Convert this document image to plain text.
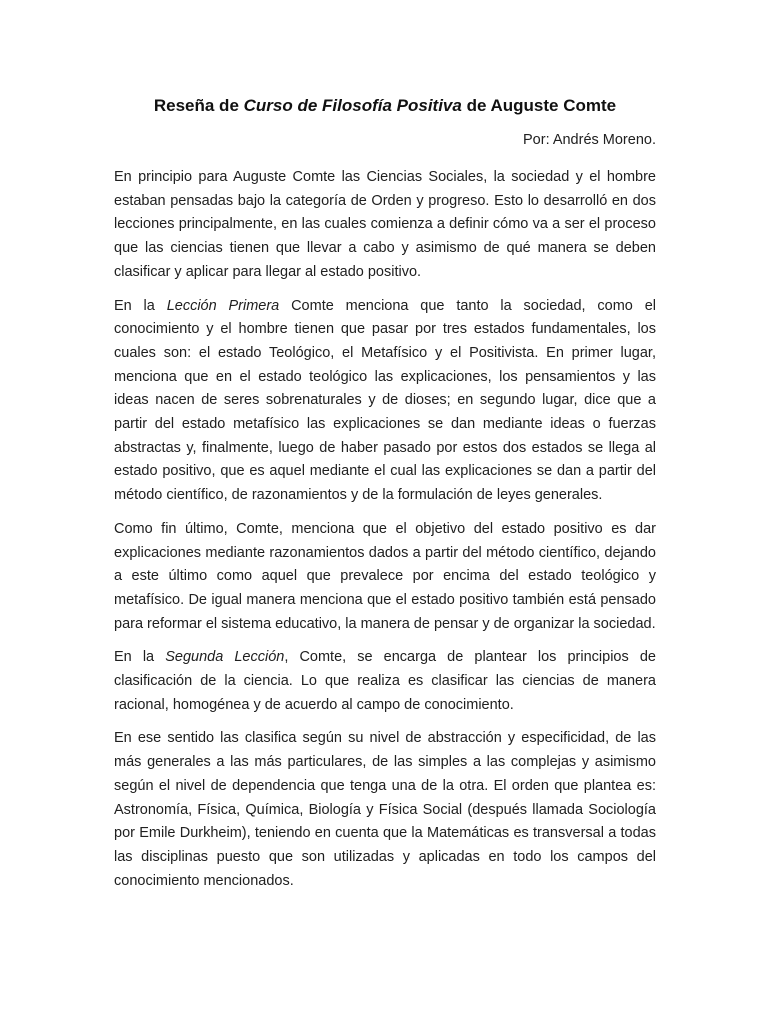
Reseña de Curso de Filosofía Positiva de Auguste Comte

Por: Andrés Moreno.

En principio para Auguste Comte las Ciencias Sociales, la sociedad y el hombre estaban pensadas bajo la categoría de Orden y progreso. Esto lo desarrolló en dos lecciones principalmente, en las cuales comienza a definir cómo va a ser el proceso que las ciencias tienen que llevar a cabo y asimismo de qué manera se deben clasificar y aplicar para llegar al estado positivo.

En la Lección Primera Comte menciona que tanto la sociedad, como el conocimiento y el hombre tienen que pasar por tres estados fundamentales, los cuales son: el estado Teológico, el Metafísico y el Positivista. En primer lugar, menciona que en el estado teológico las explicaciones, los pensamientos y las ideas nacen de seres sobrenaturales y de dioses; en segundo lugar, dice que a partir del estado metafísico las explicaciones se dan mediante ideas o fuerzas abstractas y, finalmente, luego de haber pasado por estos dos estados se llega al estado positivo, que es aquel mediante el cual las explicaciones se dan a partir del método científico, de razonamientos y de la formulación de leyes generales.

Como fin último, Comte, menciona que el objetivo del estado positivo es dar explicaciones mediante razonamientos dados a partir del método científico, dejando a este último como aquel que prevalece por encima del estado teológico y metafísico. De igual manera menciona que el estado positivo también está pensado para reformar el sistema educativo, la manera de pensar y de organizar la sociedad.

En la Segunda Lección, Comte, se encarga de plantear los principios de clasificación de la ciencia. Lo que realiza es clasificar las ciencias de manera racional, homogénea y de acuerdo al campo de conocimiento.

En ese sentido las clasifica según su nivel de abstracción y especificidad, de las más generales a las más particulares, de las simples a las complejas y asimismo según el nivel de dependencia que tenga una de la otra. El orden que plantea es: Astronomía, Física, Química, Biología y Física Social (después llamada Sociología por Emile Durkheim), teniendo en cuenta que la Matemáticas es transversal a todas las disciplinas puesto que son utilizadas y aplicadas en todo los campos del conocimiento mencionados.
